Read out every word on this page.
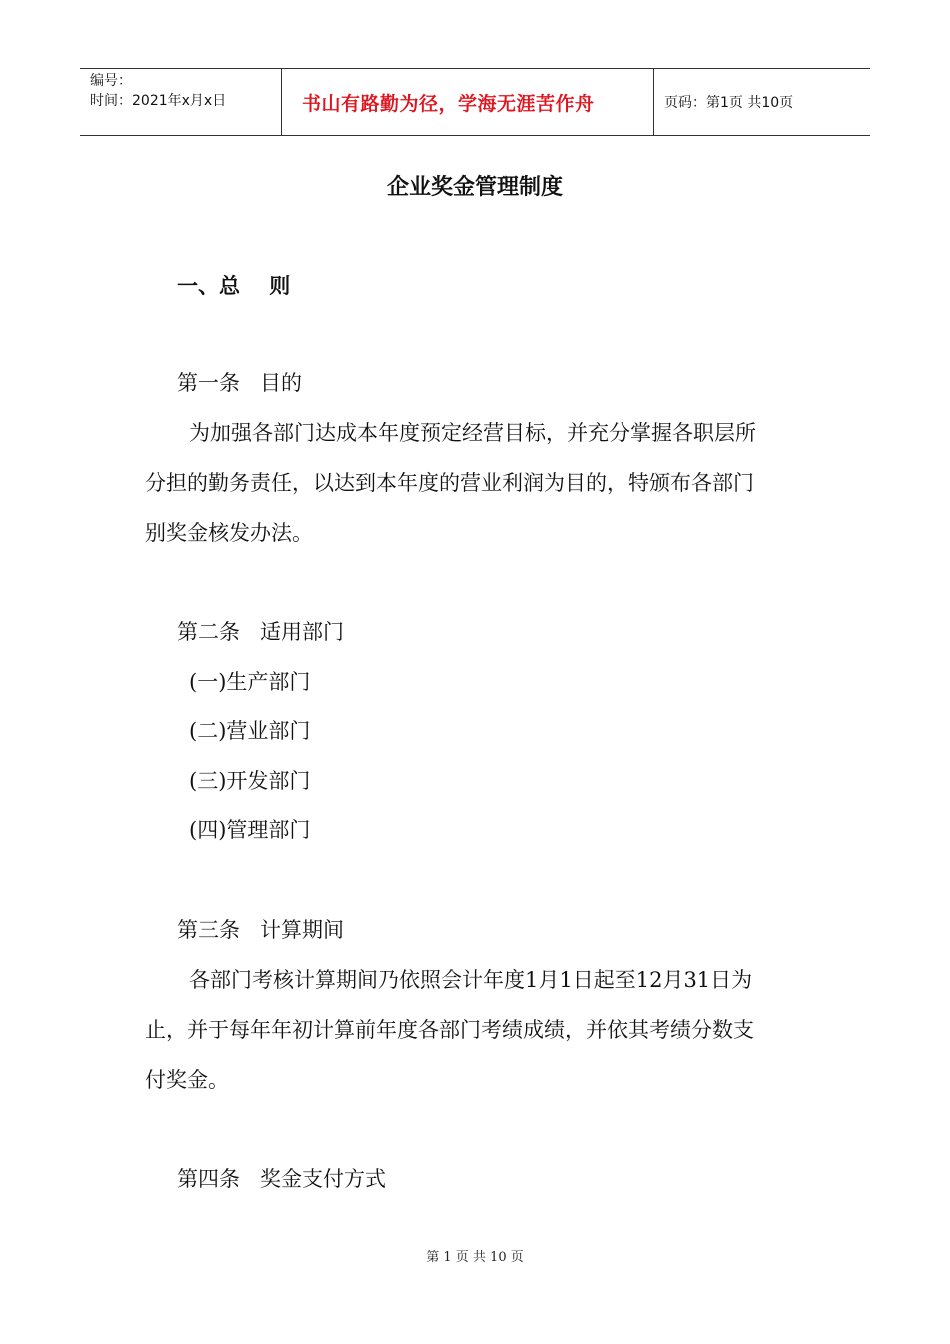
编号：
时间：2021年x月x日	书山有路勤为径，学海无涯苦作舟	页码：第1页 共10页
企业奖金管理制度
一、总    则
第一条   目的
为加强各部门达成本年度预定经营目标，并充分掌握各职层所
分担的勤务责任，以达到本年度的营业利润为目的，特颁布各部门
别奖金核发办法。
第二条   适用部门
(一)生产部门
(二)营业部门
(三)开发部门
(四)管理部门
第三条   计算期间
各部门考核计算期间乃依照会计年度1月1日起至12月31日为
止，并于每年年初计算前年度各部门考绩成绩，并依其考绩分数支
付奖金。
第四条   奖金支付方式
第 1 页 共 10 页
